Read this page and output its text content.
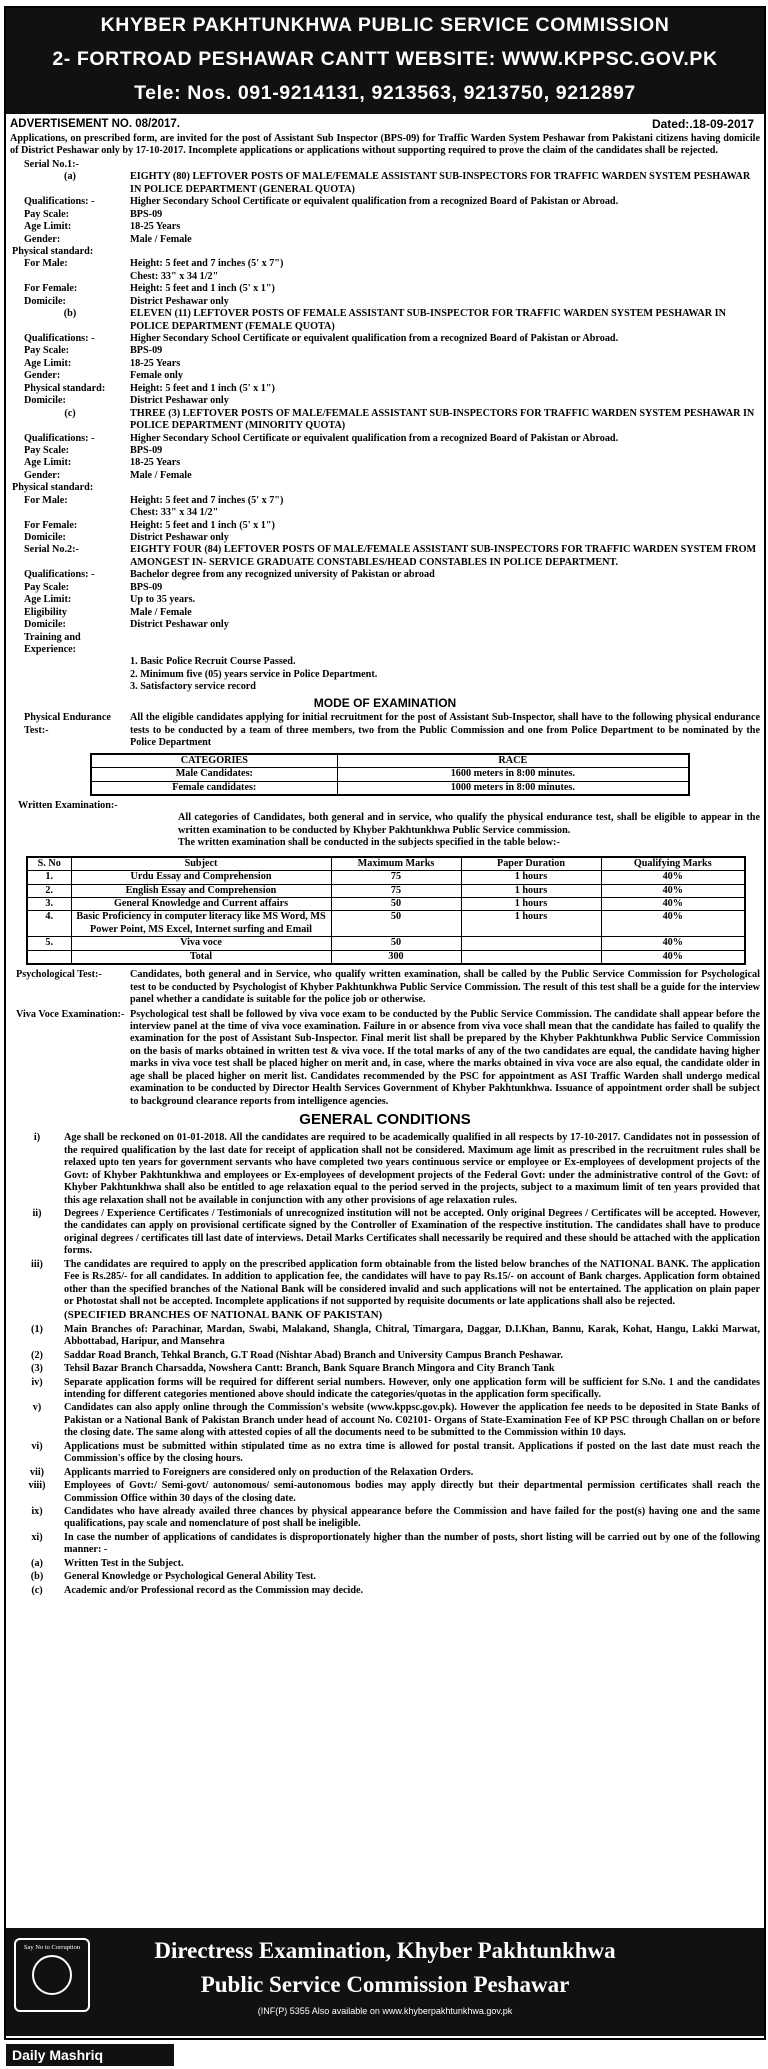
KHYBER PAKHTUNKHWA PUBLIC SERVICE COMMISSION
2- FORTROAD PESHAWAR CANTT WEBSITE: WWW.KPPSC.GOV.PK
Tele: Nos. 091-9214131, 9213563, 9213750, 9212897
Dated:.18-09-2017
ADVERTISEMENT NO. 08/2017.
Applications, on prescribed form, are invited for the post of Assistant Sub Inspector (BPS-09) for Traffic Warden System Peshawar from Pakistani citizens having domicile of District Peshawar only by 17-10-2017. Incomplete applications or applications without supporting required to prove the claim of the candidates shall be rejected.
Serial No.1:-
(a)	EIGHTY (80) LEFTOVER POSTS OF MALE/FEMALE ASSISTANT SUB-INSPECTORS FOR TRAFFIC WARDEN SYSTEM PESHAWAR IN POLICE DEPARTMENT (GENERAL QUOTA)
Qualifications: -	Higher Secondary School Certificate or equivalent qualification from a recognized Board of Pakistan or Abroad.
Pay Scale:	BPS-09
Age Limit:	18-25 Years
Gender:	Male / Female
Physical standard:
For Male:	Height: 5 feet and 7 inches (5' x 7")
Chest: 33" x 34 1/2"
For Female:	Height: 5 feet and 1 inch (5' x 1")
Domicile:	District Peshawar only
(b)	ELEVEN (11) LEFTOVER POSTS OF FEMALE ASSISTANT SUB-INSPECTOR FOR TRAFFIC WARDEN SYSTEM PESHAWAR IN POLICE DEPARTMENT (FEMALE QUOTA)
Qualifications: -	Higher Secondary School Certificate or equivalent qualification from a recognized Board of Pakistan or Abroad.
Pay Scale:	BPS-09
Age Limit:	18-25 Years
Gender:	Female only
Physical standard:	Height: 5 feet and 1 inch (5' x 1")
Domicile:	District Peshawar only
(c)	THREE (3) LEFTOVER POSTS OF MALE/FEMALE ASSISTANT SUB-INSPECTORS FOR TRAFFIC WARDEN SYSTEM PESHAWAR IN POLICE DEPARTMENT (MINORITY QUOTA)
Qualifications: -	Higher Secondary School Certificate or equivalent qualification from a recognized Board of Pakistan or Abroad.
Pay Scale:	BPS-09
Age Limit:	18-25 Years
Gender:	Male / Female
Physical standard:
For Male:	Height: 5 feet and 7 inches (5' x 7")
Chest: 33" x 34 1/2"
For Female:	Height: 5 feet and 1 inch (5' x 1")
Domicile:	District Peshawar only
Serial No.2:-	EIGHTY FOUR (84) LEFTOVER POSTS OF MALE/FEMALE ASSISTANT SUB-INSPECTORS FOR TRAFFIC WARDEN SYSTEM FROM AMONGEST IN- SERVICE GRADUATE CONSTABLES/HEAD CONSTABLES IN POLICE DEPARTMENT.
Qualifications: -	Bachelor degree from any recognized university of Pakistan or abroad
Pay Scale:	BPS-09
Age Limit:	Up to 35 years.
Eligibility	Male / Female
Domicile:	District Peshawar only
Training and Experience:
1. Basic Police Recruit Course Passed.
2. Minimum five (05) years service in Police Department.
3. Satisfactory service record
MODE OF EXAMINATION
Physical Endurance Test:-
All the eligible candidates applying for initial recruitment for the post of Assistant Sub-Inspector, shall have to the following physical endurance tests to be conducted by a team of three members, two from the Public Commission and one from Police Department to be nominated by the Police Department
CATEGORIES	RACE
Male Candidates:	1600 meters in 8:00 minutes.
Female candidates:	1000 meters in 8:00 minutes.
Written Examination:-
All categories of Candidates, both general and in service, who qualify the physical endurance test, shall be eligible to appear in the written examination to be conducted by Khyber Pakhtunkhwa Public Service commission.
The written examination shall be conducted in the subjects specified in the table below:-
S. No	Subject	Maximum Marks	Paper Duration	Qualifying Marks
1.	Urdu Essay and Comprehension	75	1 hours	40%
2.	English Essay and Comprehension	75	1 hours	40%
3.	General Knowledge and Current affairs	50	1 hours	40%
4.	Basic Proficiency in computer literacy like MS Word, MS Power Point, MS Excel, Internet surfing and Email	50	1 hours	40%
5.	Viva voce	50		40%
	Total	300		40%
Psychological Test:-	Candidates, both general and in Service, who qualify written examination, shall be called by the Public Service Commission for Psychological test to be conducted by Psychologist of Khyber Pakhtunkhwa Public Service Commission. The result of this test shall be a guide for the interview panel whether a candidate is suitable for the police job or otherwise.
Viva Voce Examination:- Psychological test shall be followed by viva voce exam to be conducted by the Public Service Commission. The candidate shall appear before the interview panel at the time of viva voce examination. Failure in or absence from viva voce shall mean that the candidate has failed to qualify the examination for the post of Assistant Sub-Inspector. Final merit list shall be prepared by the Khyber Pakhtunkhwa Public Service Commission on the basis of marks obtained in written test & viva voce. If the total marks of any of the two candidates are equal, the candidate having higher marks in viva voce test shall be placed higher on merit and, in case, where the marks obtained in viva voce are also equal, the candidate older in age shall be placed higher on merit list. Candidates recommended by the PSC for appointment as ASI Traffic Warden shall undergo medical examination to be conducted by Director Health Services Government of Khyber Pakhtunkhwa. Issuance of appointment order shall be subject to background clearance reports from intelligence agencies.
GENERAL CONDITIONS
i)	Age shall be reckoned on 01-01-2018. All the candidates are required to be academically qualified in all respects by 17-10-2017. Candidates not in possession of the required qualification by the last date for receipt of application shall not be considered. Maximum age limit as prescribed in the recruitment rules shall be relaxed upto ten years for government servants who have completed two years continuous service or employee or Ex-employees of development projects of the Govt: of Khyber Pakhtunkhwa and employees or Ex-employees of development projects of the Federal Govt: under the administrative control of the Govt: of Khyber Pakhtunkhwa shall also be entitled to age relaxation equal to the period served in the projects, subject to a maximum limit of ten years provided that this age relaxation shall not be available in conjunction with any other provisions of age relaxation rules.
ii)	Degrees / Experience Certificates / Testimonials of unrecognized institution will not be accepted. Only original Degrees / Certificates will be accepted. However, the candidates can apply on provisional certificate signed by the Controller of Examination of the respective institution. The candidates shall have to produce original degrees / certificates till last date of interviews. Detail Marks Certificates shall necessarily be required and these should be attached with the application forms.
iii)	The candidates are required to apply on the prescribed application form obtainable from the listed below branches of the NATIONAL BANK. The application Fee is Rs.285/- for all candidates. In addition to application fee, the candidates will have to pay Rs.15/- on account of Bank charges. Application form obtained other than the specified branches of the National Bank will be considered invalid and such applications will not be entertained. The application on plain paper or Photostat shall not be accepted. Incomplete applications if not supported by requisite documents or late applications shall also be rejected.
(SPECIFIED BRANCHES OF NATIONAL BANK OF PAKISTAN)
(1)	Main Branches of: Parachinar, Mardan, Swabi, Malakand, Shangla, Chitral, Timargara, Daggar, D.I.Khan, Bannu, Karak, Kohat, Hangu, Lakki Marwat, Abbottabad, Haripur, and Mansehra
(2)	Saddar Road Branch, Tehkal Branch, G.T Road (Nishtar Abad) Branch and University Campus Branch Peshawar.
(3)	Tehsil Bazar Branch Charsadda, Nowshera Cantt: Branch, Bank Square Branch Mingora and City Branch Tank
iv)	Separate application forms will be required for different serial numbers. However, only one application form will be sufficient for S.No. 1 and the candidates intending for different categories mentioned above should indicate the categories/quotas in the application form specifically.
v)	Candidates can also apply online through the Commission's website (www.kppsc.gov.pk). However the application fee needs to be deposited in State Banks of Pakistan or a National Bank of Pakistan Branch under head of account No. C02101- Organs of State-Examination Fee of KP PSC through Challan on or before the closing date. The same along with attested copies of all the documents need to be submitted to the Commission within 10 days.
vi)	Applications must be submitted within stipulated time as no extra time is allowed for postal transit. Applications if posted on the last date must reach the Commission's office by the closing hours.
vii)	Applicants married to Foreigners are considered only on production of the Relaxation Orders.
viii)	Employees of Govt:/ Semi-govt/ autonomous/ semi-autonomous bodies may apply directly but their departmental permission certificates shall reach the Commission Office within 30 days of the closing date.
ix)	Candidates who have already availed three chances by physical appearance before the Commission and have failed for the post(s) having one and the same qualifications, pay scale and nomenclature of post shall be ineligible.
xi)	In case the number of applications of candidates is disproportionately higher than the number of posts, short listing will be carried out by one of the following manner: -
(a)	Written Test in the Subject.
(b)	General Knowledge or Psychological General Ability Test.
(c)	Academic and/or Professional record as the Commission may decide.
Say No to Corruption	Directress Examination, Khyber Pakhtunkhwa
Public Service Commission Peshawar
(INF(P) 5355 Also available on www.khyberpakhtunkhwa.gov.pk
Daily Mashriq
